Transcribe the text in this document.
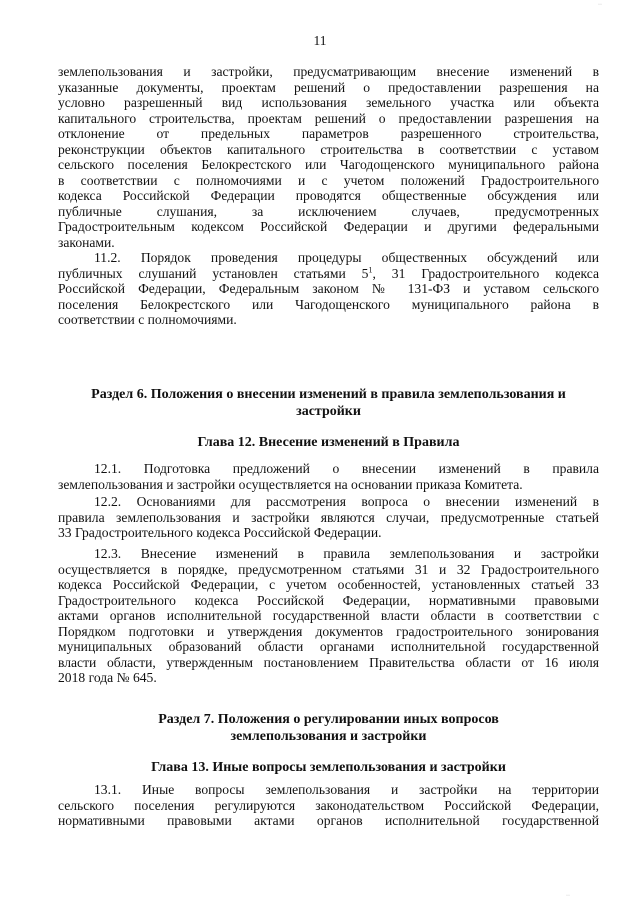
11
землепользования и застройки, предусматривающим внесение изменений в
указанные документы, проектам решений о предоставлении разрешения на
условно разрешенный вид использования земельного участка или объекта
капитального строительства, проектам решений о предоставлении разрешения на
отклонение от предельных параметров разрешенного строительства,
реконструкции объектов капитального строительства в соответствии с уставом
сельского поселения Белокрестского или Чагодощенского муниципального района
в соответствии с полномочиями и с учетом положений Градостроительного
кодекса Российской Федерации проводятся общественные обсуждения или
публичные слушания, за исключением случаев, предусмотренных
Градостроительным кодексом Российской Федерации и другими федеральными
законами.
11.2. Порядок проведения процедуры общественных обсуждений или
публичных слушаний установлен статьями $5^1$, 31 Градостроительного кодекса
Российской Федерации, Федеральным законом № 131-ФЗ и уставом сельского
поселения Белокрестского или Чагодощенского муниципального района в
соответствии с полномочиями.
Раздел 6. Положения о внесении изменений в правила землепользования и
застройки
Глава 12. Внесение изменений в Правила
12.1. Подготовка предложений о внесении изменений в правила
землепользования и застройки осуществляется на основании приказа Комитета.
12.2. Основаниями для рассмотрения вопроса о внесении изменений в
правила землепользования и застройки являются случаи, предусмотренные статьей
33 Градостроительного кодекса Российской Федерации.
12.3. Внесение изменений в правила землепользования и застройки
осуществляется в порядке, предусмотренном статьями 31 и 32 Градостроительного
кодекса Российской Федерации, с учетом особенностей, установленных статьей 33
Градостроительного кодекса Российской Федерации, нормативными правовыми
актами органов исполнительной государственной власти области в соответствии с
Порядком подготовки и утверждения документов градостроительного зонирования
муниципальных образований области органами исполнительной государственной
власти области, утвержденным постановлением Правительства области от 16 июля
2018 года № 645.
Раздел 7. Положения о регулировании иных вопросов
землепользования и застройки
Глава 13. Иные вопросы землепользования и застройки
13.1. Иные вопросы землепользования и застройки на территории
сельского поселения регулируются законодательством Российской Федерации,
нормативными правовыми актами органов исполнительной государственной
··
··
